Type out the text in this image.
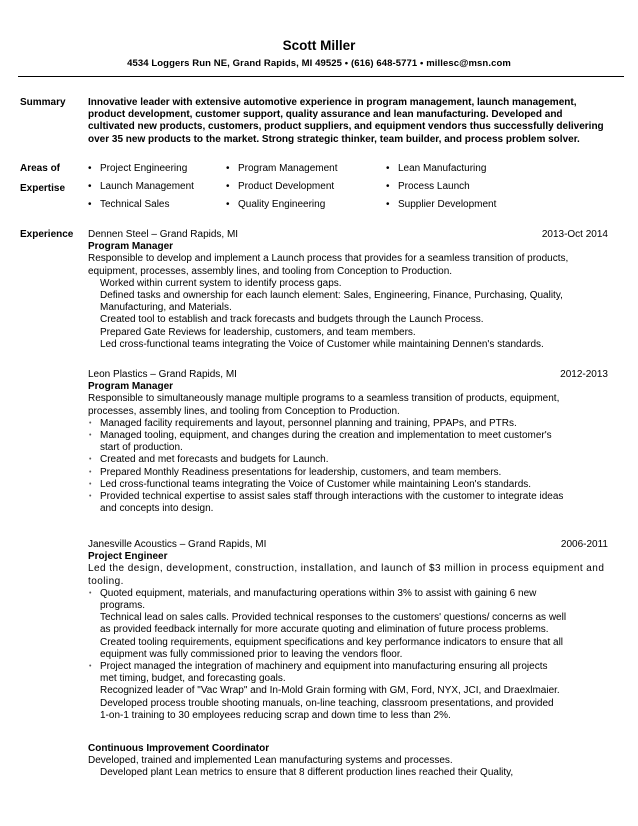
Scott Miller
4534 Loggers Run NE, Grand Rapids, MI 49525 • (616) 648-5771 • millesc@msn.com
Summary Innovative leader with extensive automotive experience in program management, launch management, product development, customer support, quality assurance and lean manufacturing. Developed and cultivated new products, customers, product suppliers, and equipment vendors thus successfully delivering over 35 new products to the market. Strong strategic thinker, team builder, and process problem solver.
Areas of
Expertise
• Project Engineering	• Program Management	• Lean Manufacturing
• Launch Management	• Product Development	• Process Launch
• Technical Sales	• Quality Engineering	• Supplier Development
Experience Dennen Steel – Grand Rapids, MI	2013-Oct 2014
Program Manager
Responsible to develop and implement a Launch process that provides for a seamless transition of products, equipment, processes, assembly lines, and tooling from Conception to Production.
Worked within current system to identify process gaps.
Defined tasks and ownership for each launch element: Sales, Engineering, Finance, Purchasing, Quality,
Manufacturing, and Materials.
Created tool to establish and track forecasts and budgets through the Launch Process.
Prepared Gate Reviews for leadership, customers, and team members.
Led cross-functional teams integrating the Voice of Customer while maintaining Dennen's standards.
Leon Plastics – Grand Rapids, MI	2012-2013
Program Manager
Responsible to simultaneously manage multiple programs to a seamless transition of products, equipment, processes, assembly lines, and tooling from Conception to Production.
• Managed facility requirements and layout, personnel planning and training, PPAPs, and PTRs.
• Managed tooling, equipment, and changes during the creation and implementation to meet customer's
start of production.
• Created and met forecasts and budgets for Launch.
• Prepared Monthly Readiness presentations for leadership, customers, and team members.
• Led cross-functional teams integrating the Voice of Customer while maintaining Leon's standards.
• Provided technical expertise to assist sales staff through interactions with the customer to integrate ideas
and concepts into design.
Janesville Acoustics – Grand Rapids, MI	2006-2011
Project Engineer
Led the design, development, construction, installation, and launch of $3 million in process equipment and tooling.
• Quoted equipment, materials, and manufacturing operations within 3% to assist with gaining 6 new
programs.
Technical lead on sales calls. Provided technical responses to the customers' questions/ concerns as well
as provided feedback internally for more accurate quoting and elimination of future process problems.
Created tooling requirements, equipment specifications and key performance indicators to ensure that all
equipment was fully commissioned prior to leaving the vendors floor.
• Project managed the integration of machinery and equipment into manufacturing ensuring all projects
met timing, budget, and forecasting goals.
Recognized leader of "Vac Wrap" and In-Mold Grain forming with GM, Ford, NYX, JCI, and Draexlmaier.
Developed process trouble shooting manuals, on-line teaching, classroom presentations, and provided
1-on-1 training to 30 employees reducing scrap and down time to less than 2%.
Continuous Improvement Coordinator
Developed, trained and implemented Lean manufacturing systems and processes.
Developed plant Lean metrics to ensure that 8 different production lines reached their Quality,
